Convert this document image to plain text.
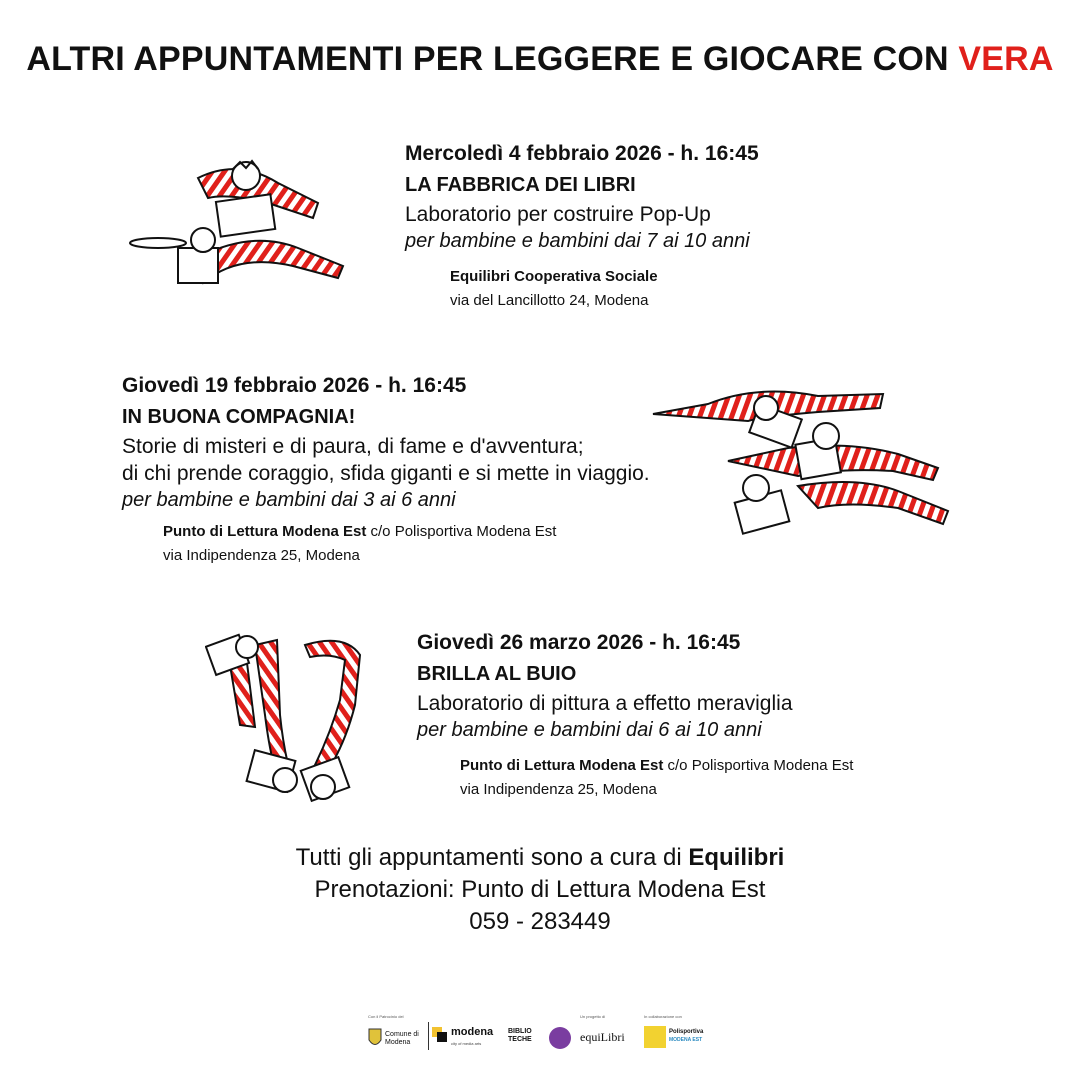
ALTRI APPUNTAMENTI PER LEGGERE E GIOCARE CON VERA
Mercoledì 4 febbraio 2026 - h. 16:45
LA FABBRICA DEI LIBRI
Laboratorio per costruire Pop-Up
per bambine e bambini dai 7 ai 10 anni
Equilibri Cooperativa Sociale
via del Lancillotto 24, Modena
Giovedì 19 febbraio 2026 - h. 16:45
IN BUONA COMPAGNIA!
Storie di misteri e di paura, di fame e d'avventura;
di chi prende coraggio, sfida giganti e si mette in viaggio.
per bambine e bambini dai 3 ai 6 anni
Punto di Lettura Modena Est c/o Polisportiva Modena Est
via Indipendenza 25, Modena
Giovedì 26 marzo 2026 - h. 16:45
BRILLA AL BUIO
Laboratorio di pittura a effetto meraviglia
per bambine e bambini dai 6 ai 10 anni
Punto di Lettura Modena Est c/o Polisportiva Modena Est
via Indipendenza 25, Modena
Tutti gli appuntamenti sono a cura di Equilibri
Prenotazioni: Punto di Lettura Modena Est
059 - 283449
Con il Patrocinio del
Comune di Modena
modena
city of media arts
BIBLIO TECHE
Un progetto di
equiLibri
In collaborazione con
Polisportiva
MODENA EST
